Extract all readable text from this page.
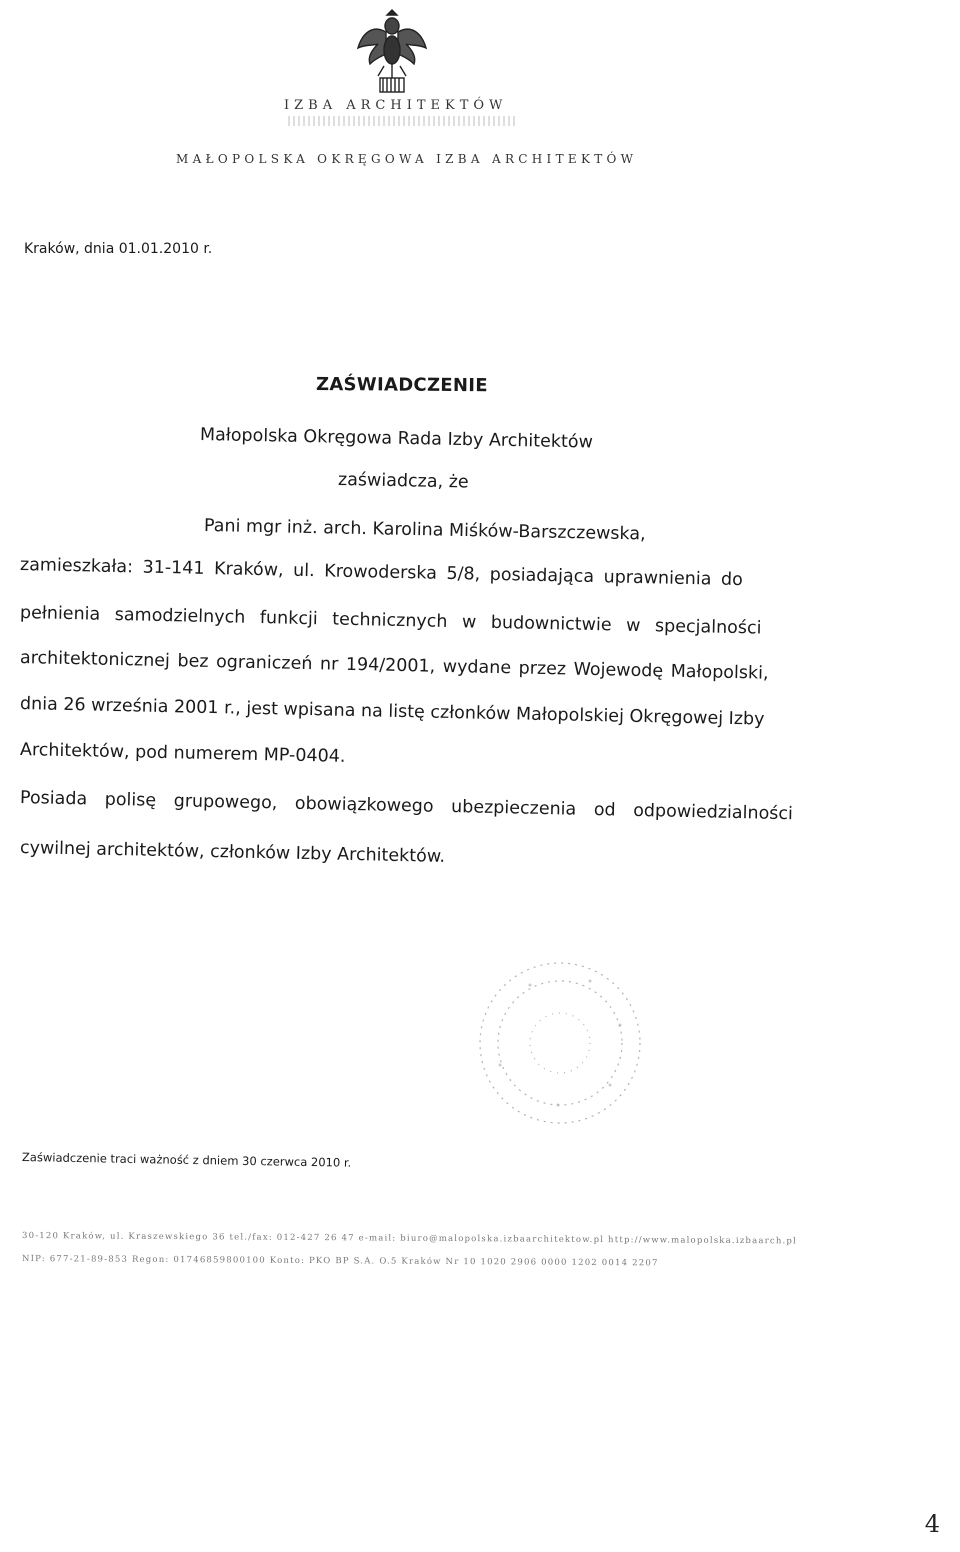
IZBA ARCHITEKTÓW
MAŁOPOLSKA OKRĘGOWA IZBA ARCHITEKTÓW
Kraków, dnia 01.01.2010 r.
ZAŚWIADCZENIE
Małopolska Okręgowa Rada Izby Architektów
zaświadcza, że
Pani mgr inż. arch. Karolina Miśków-Barszczewska,
zamieszkała: 31-141 Kraków, ul. Krowoderska 5/8, posiadająca uprawnienia do
pełnienia samodzielnych funkcji technicznych w budownictwie w specjalności
architektonicznej bez ograniczeń nr 194/2001, wydane przez Wojewodę Małopolski,
dnia 26 września 2001 r., jest wpisana na listę członków Małopolskiej Okręgowej Izby
Architektów, pod numerem MP-0404.
Posiada polisę grupowego, obowiązkowego ubezpieczenia od odpowiedzialności
cywilnej architektów, członków Izby Architektów.
Zaświadczenie traci ważność z dniem 30 czerwca 2010 r.
30-120 Kraków, ul. Kraszewskiego 36 tel./fax: 012-427 26 47 e-mail: biuro@malopolska.izbaarchitektow.pl http://www.malopolska.izbaarch.pl
NIP: 677-21-89-853 Regon: 01746859800100 Konto: PKO BP S.A. O.5 Kraków Nr 10 1020 2906 0000 1202 0014 2207
4
